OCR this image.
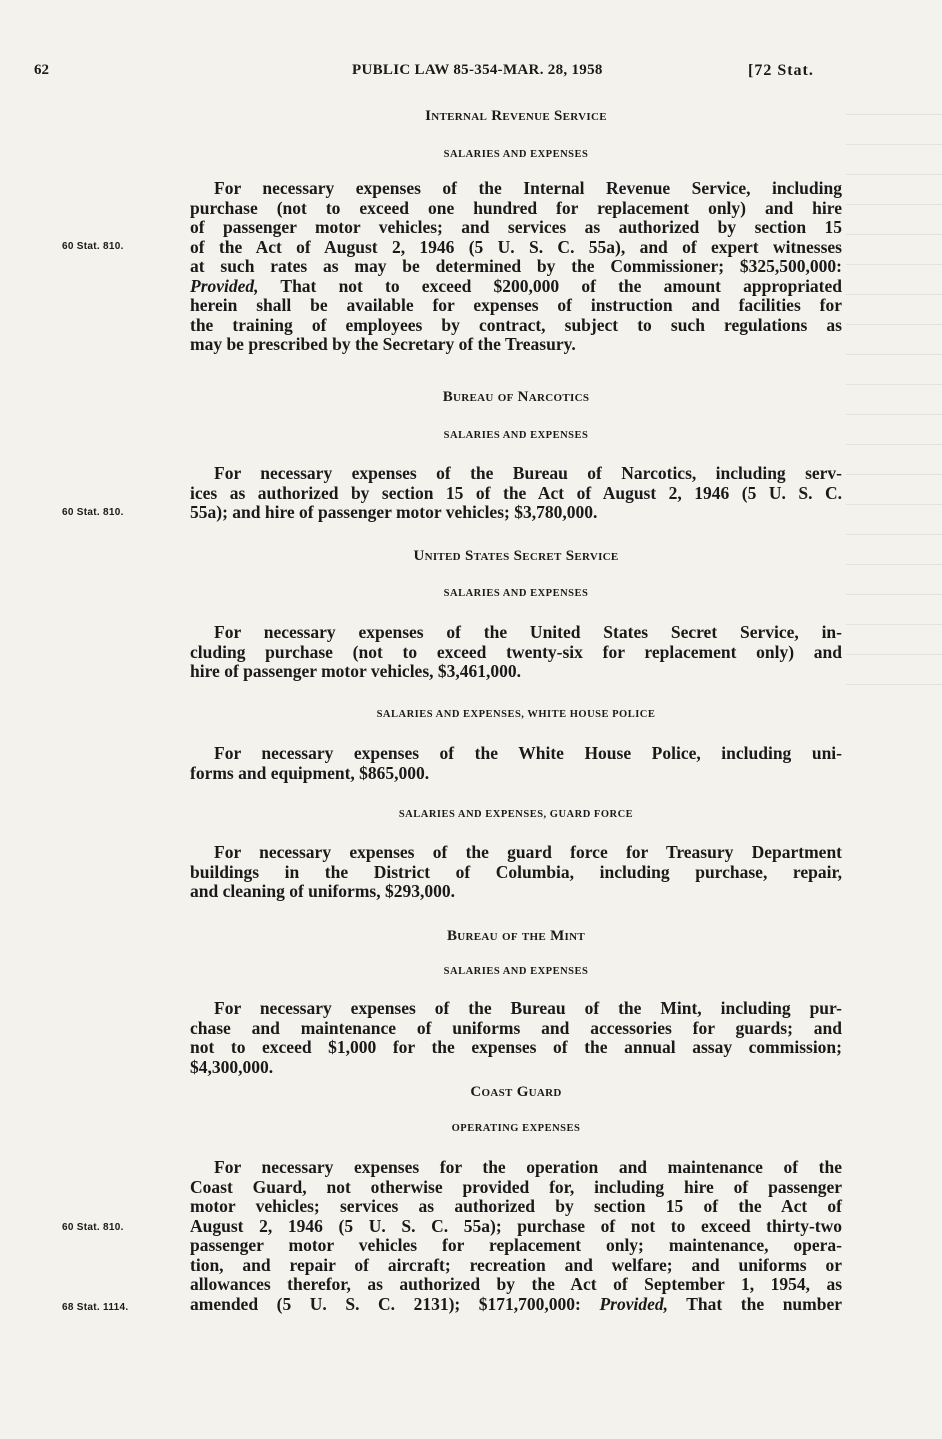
62	PUBLIC LAW 85-354-MAR. 28, 1958	[72 Stat.
Internal Revenue Service
SALARIES AND EXPENSES
For necessary expenses of the Internal Revenue Service, including
purchase (not to exceed one hundred for replacement only) and hire
of passenger motor vehicles; and services as authorized by section 15
of the Act of August 2, 1946 (5 U. S. C. 55a), and of expert witnesses
at such rates as may be determined by the Commissioner; $325,500,000:
Provided, That not to exceed $200,000 of the amount appropriated
herein shall be available for expenses of instruction and facilities for
the training of employees by contract, subject to such regulations as
may be prescribed by the Secretary of the Treasury.
60 Stat. 810.
Bureau of Narcotics
SALARIES AND EXPENSES
For necessary expenses of the Bureau of Narcotics, including serv-
ices as authorized by section 15 of the Act of August 2, 1946 (5 U. S. C.
55a); and hire of passenger motor vehicles; $3,780,000.
60 Stat. 810.
United States Secret Service
SALARIES AND EXPENSES
For necessary expenses of the United States Secret Service, in-
cluding purchase (not to exceed twenty-six for replacement only) and
hire of passenger motor vehicles, $3,461,000.
SALARIES AND EXPENSES, WHITE HOUSE POLICE
For necessary expenses of the White House Police, including uni-
forms and equipment, $865,000.
SALARIES AND EXPENSES, GUARD FORCE
For necessary expenses of the guard force for Treasury Department
buildings in the District of Columbia, including purchase, repair,
and cleaning of uniforms, $293,000.
Bureau of the Mint
SALARIES AND EXPENSES
For necessary expenses of the Bureau of the Mint, including pur-
chase and maintenance of uniforms and accessories for guards; and
not to exceed $1,000 for the expenses of the annual assay commission;
$4,300,000.
Coast Guard
OPERATING EXPENSES
For necessary expenses for the operation and maintenance of the
Coast Guard, not otherwise provided for, including hire of passenger
motor vehicles; services as authorized by section 15 of the Act of
August 2, 1946 (5 U. S. C. 55a); purchase of not to exceed thirty-two
passenger motor vehicles for replacement only; maintenance, opera-
tion, and repair of aircraft; recreation and welfare; and uniforms or
allowances therefor, as authorized by the Act of September 1, 1954, as
amended (5 U. S. C. 2131); $171,700,000: Provided, That the number
60 Stat. 810.
68 Stat. 1114.
